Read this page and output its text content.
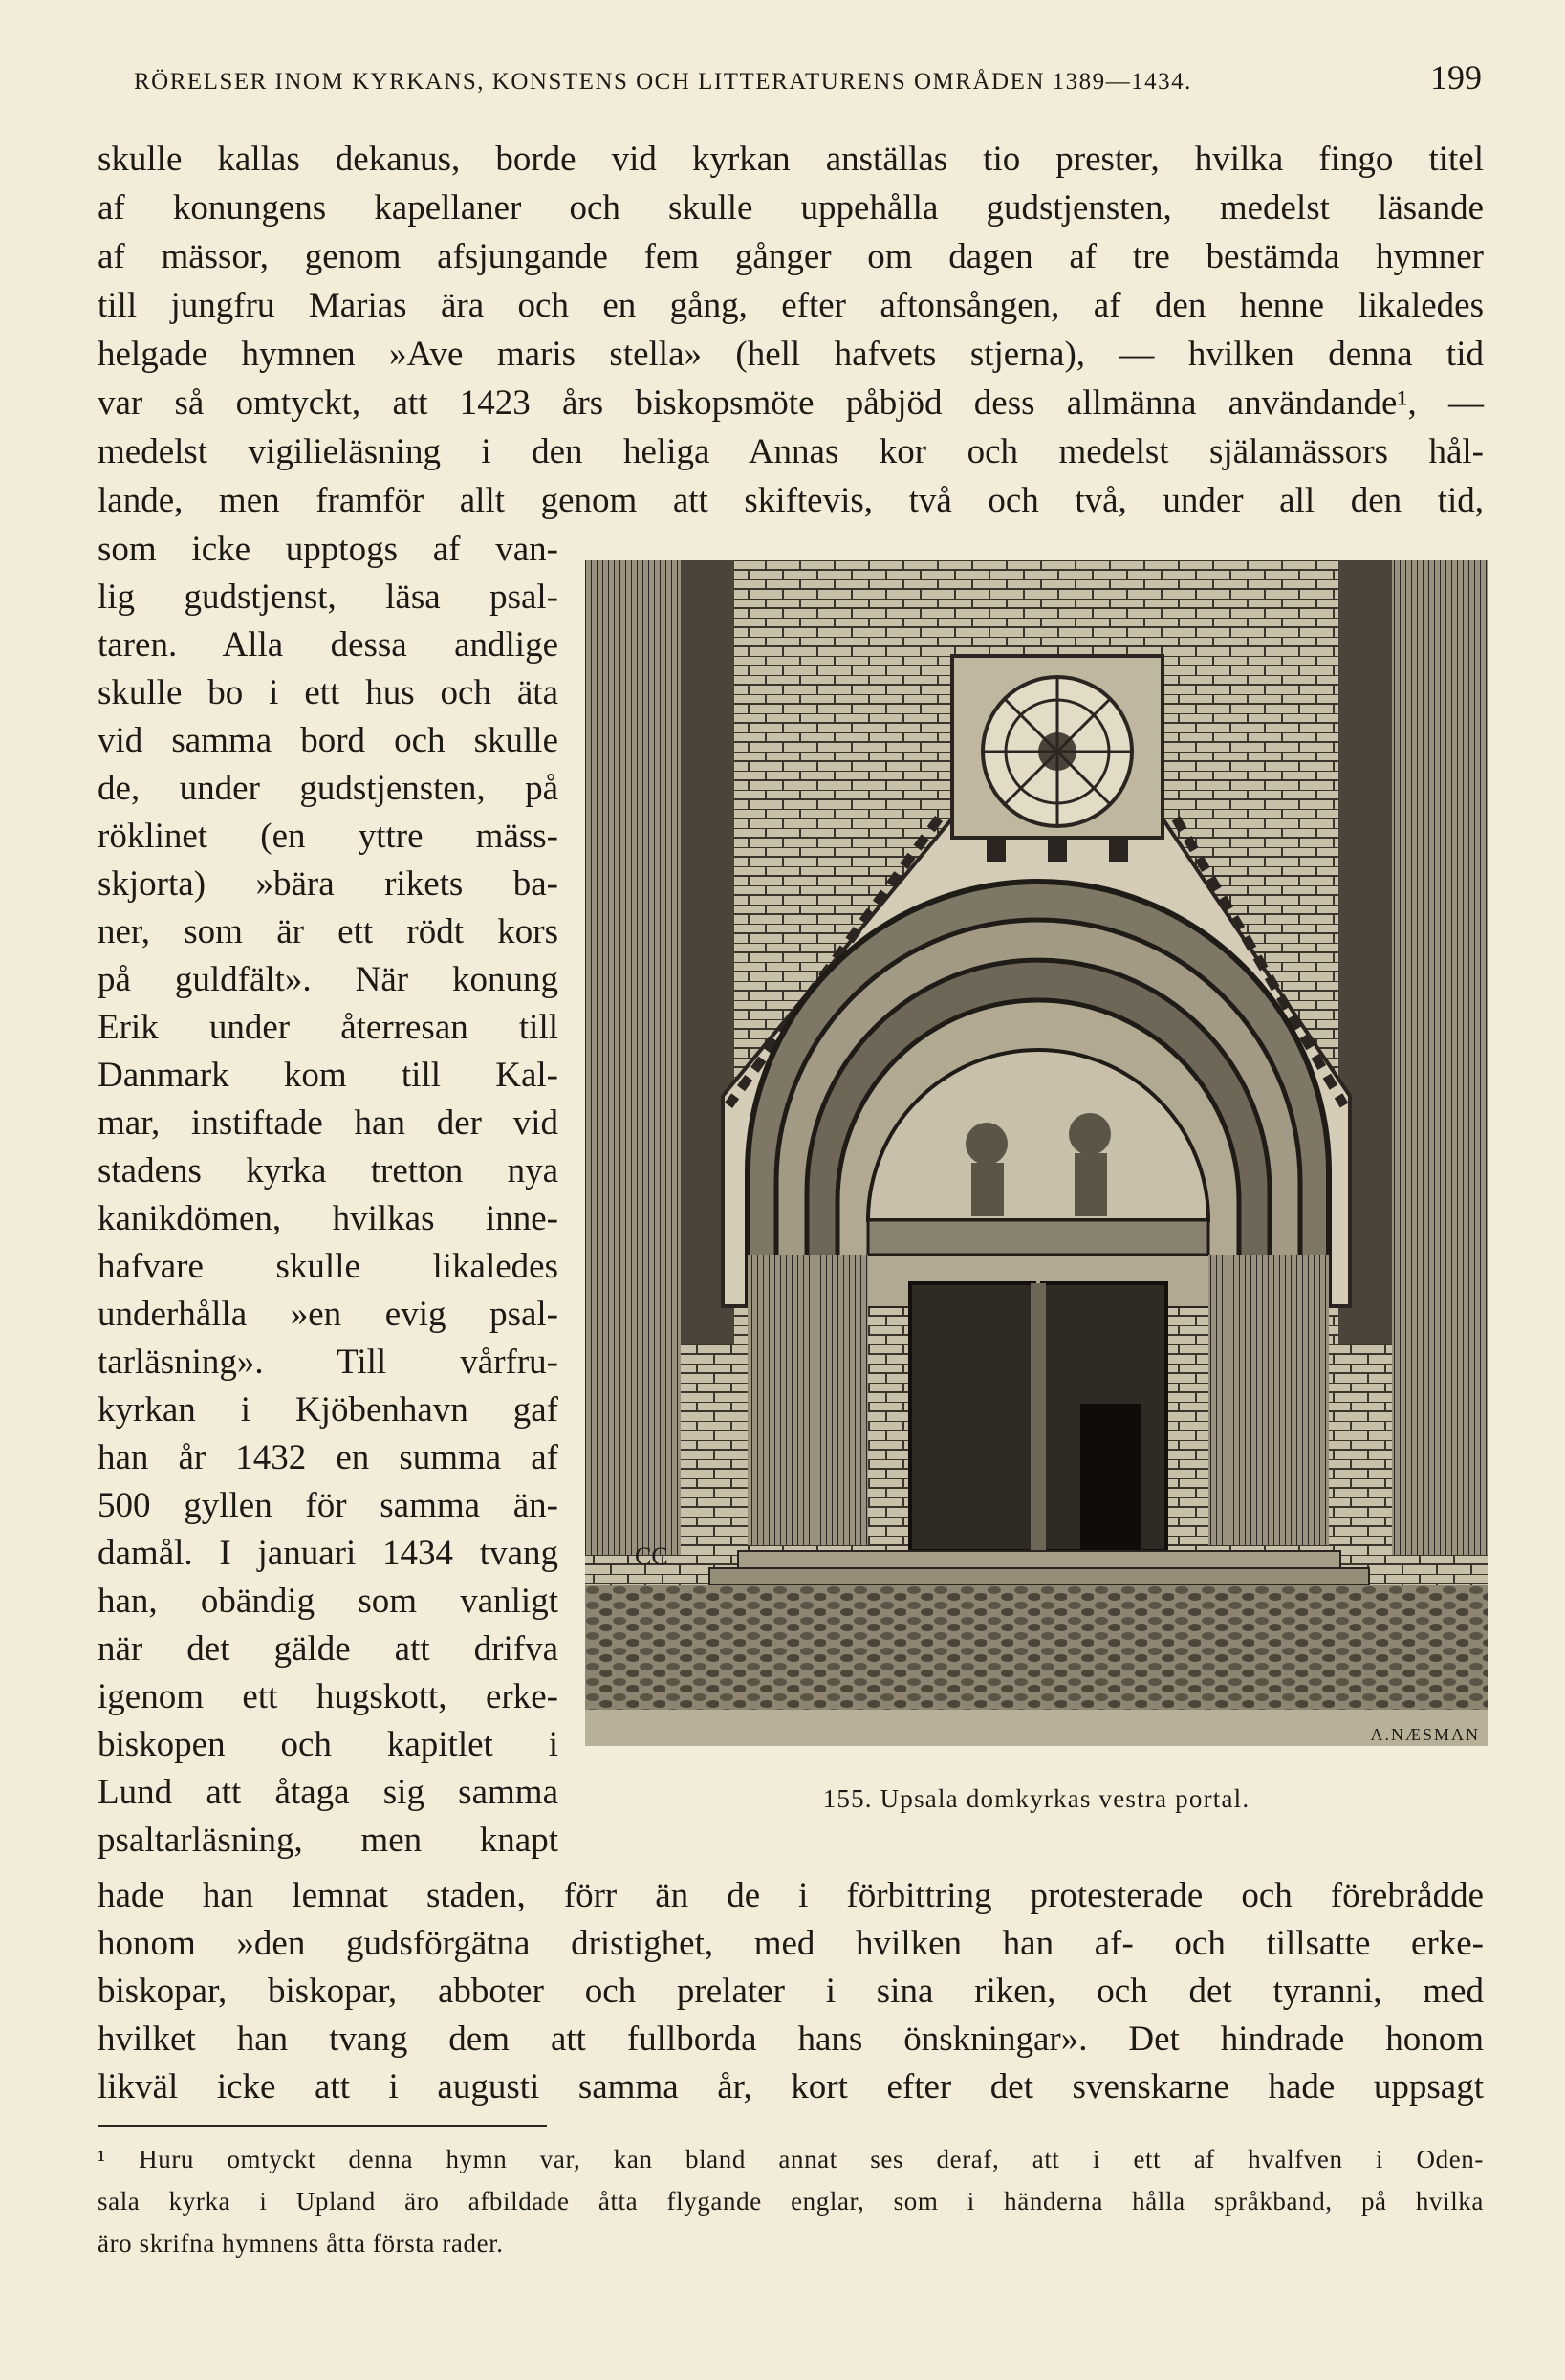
RÖRELSER INOM KYRKANS, KONSTENS OCH LITTERATURENS OMRÅDEN 1389—1434.	199
skulle kallas dekanus, borde vid kyrkan anställas tio prester, hvilka fingo titel
af konungens kapellaner och skulle uppehålla gudstjensten, medelst läsande
af mässor, genom afsjungande fem gånger om dagen af tre bestämda hymner
till jungfru Marias ära och en gång, efter aftonsången, af den henne likaledes
helgade hymnen »Ave maris stella» (hell hafvets stjerna), — hvilken denna tid
var så omtyckt, att 1423 års biskopsmöte påbjöd dess allmänna användande¹, —
medelst vigilieläsning i den heliga Annas kor och medelst själamässors hål-
lande, men framför allt genom att skiftevis, två och två, under all den tid,
som icke upptogs af van-
lig gudstjenst, läsa psal-
taren. Alla dessa andlige
skulle bo i ett hus och äta
vid samma bord och skulle
de, under gudstjensten, på
röklinet (en yttre mäss-
skjorta) »bära rikets ba-
ner, som är ett rödt kors
på guldfält». När konung
Erik under återresan till
Danmark kom till Kal-
mar, instiftade han der vid
stadens kyrka tretton nya
kanikdömen, hvilkas inne-
hafvare skulle likaledes
underhålla »en evig psal-
tarläsning». Till vårfru-
kyrkan i Kjöbenhavn gaf
han år 1432 en summa af
500 gyllen för samma än-
damål. I januari 1434 tvang
han, obändig som vanligt
när det gälde att drifva
igenom ett hugskott, erke-
biskopen och kapitlet i
Lund att åtaga sig samma
psaltarläsning, men knapt
CC
A.NÆSMAN
155. Upsala domkyrkas vestra portal.
hade han lemnat staden, förr än de i förbittring protesterade och förebrådde
honom »den gudsförgätna dristighet, med hvilken han af- och tillsatte erke-
biskopar, biskopar, abboter och prelater i sina riken, och det tyranni, med
hvilket han tvang dem att fullborda hans önskningar». Det hindrade honom
likväl icke att i augusti samma år, kort efter det svenskarne hade uppsagt
¹ Huru omtyckt denna hymn var, kan bland annat ses deraf, att i ett af hvalfven i Oden-
sala kyrka i Upland äro afbildade åtta flygande englar, som i händerna hålla språkband, på hvilka
äro skrifna hymnens åtta första rader.
